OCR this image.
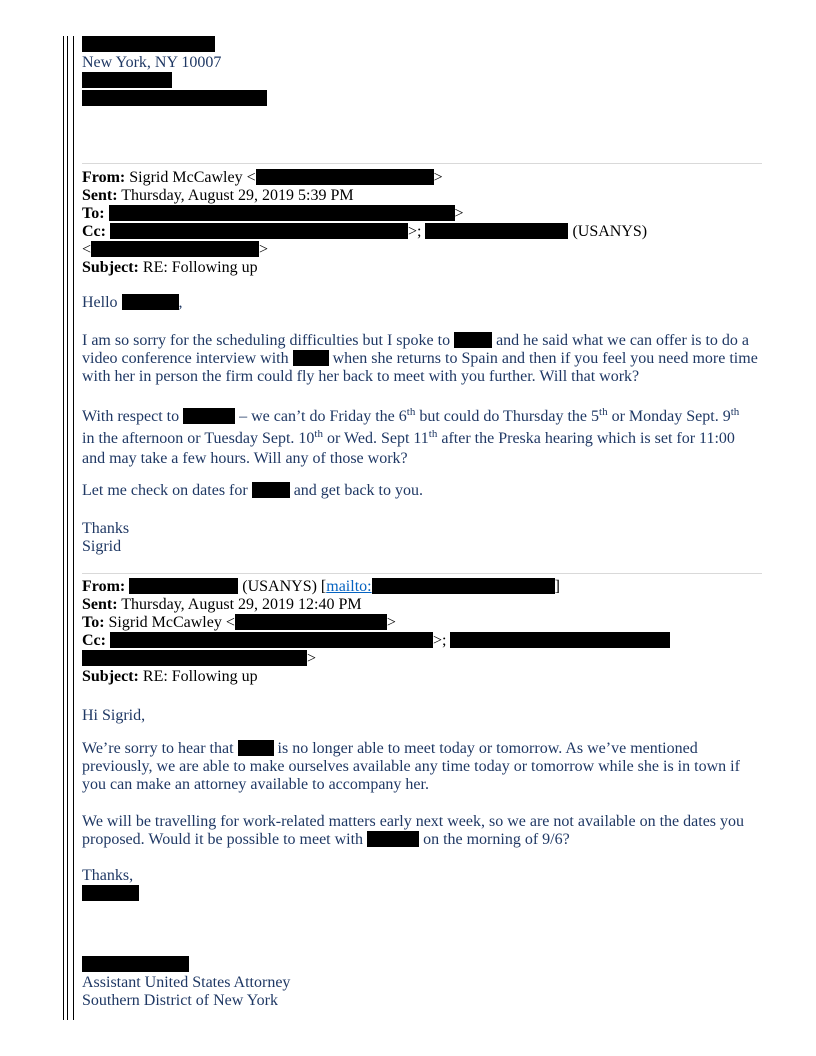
New York, NY 10007
From: Sigrid McCawley <	>
Sent: Thursday, August 29, 2019 5:39 PM
To:	>
Cc:	>;	(USANYS)
<	>
Subject: RE: Following up
Hello	,
I am so sorry for the scheduling difficulties but I spoke to	and he said what we can offer is to do a
video conference interview with	when she returns to Spain and then if you feel you need more time
with her in person the firm could fly her back to meet with you further. Will that work?
With respect to	– we can’t do Friday the 6th but could do Thursday the 5th or Monday Sept. 9th
in the afternoon or Tuesday Sept. 10th or Wed. Sept 11th after the Preska hearing which is set for 11:00
and may take a few hours. Will any of those work?
Let me check on dates for	and get back to you.
Thanks
Sigrid
From:	(USANYS) [mailto:	]
Sent: Thursday, August 29, 2019 12:40 PM
To: Sigrid McCawley <	>
Cc:	>;
>
Subject: RE: Following up
Hi Sigrid,
We’re sorry to hear that	is no longer able to meet today or tomorrow. As we’ve mentioned
previously, we are able to make ourselves available any time today or tomorrow while she is in town if
you can make an attorney available to accompany her.
We will be travelling for work-related matters early next week, so we are not available on the dates you
proposed. Would it be possible to meet with	on the morning of 9/6?
Thanks,
Assistant United States Attorney
Southern District of New York
